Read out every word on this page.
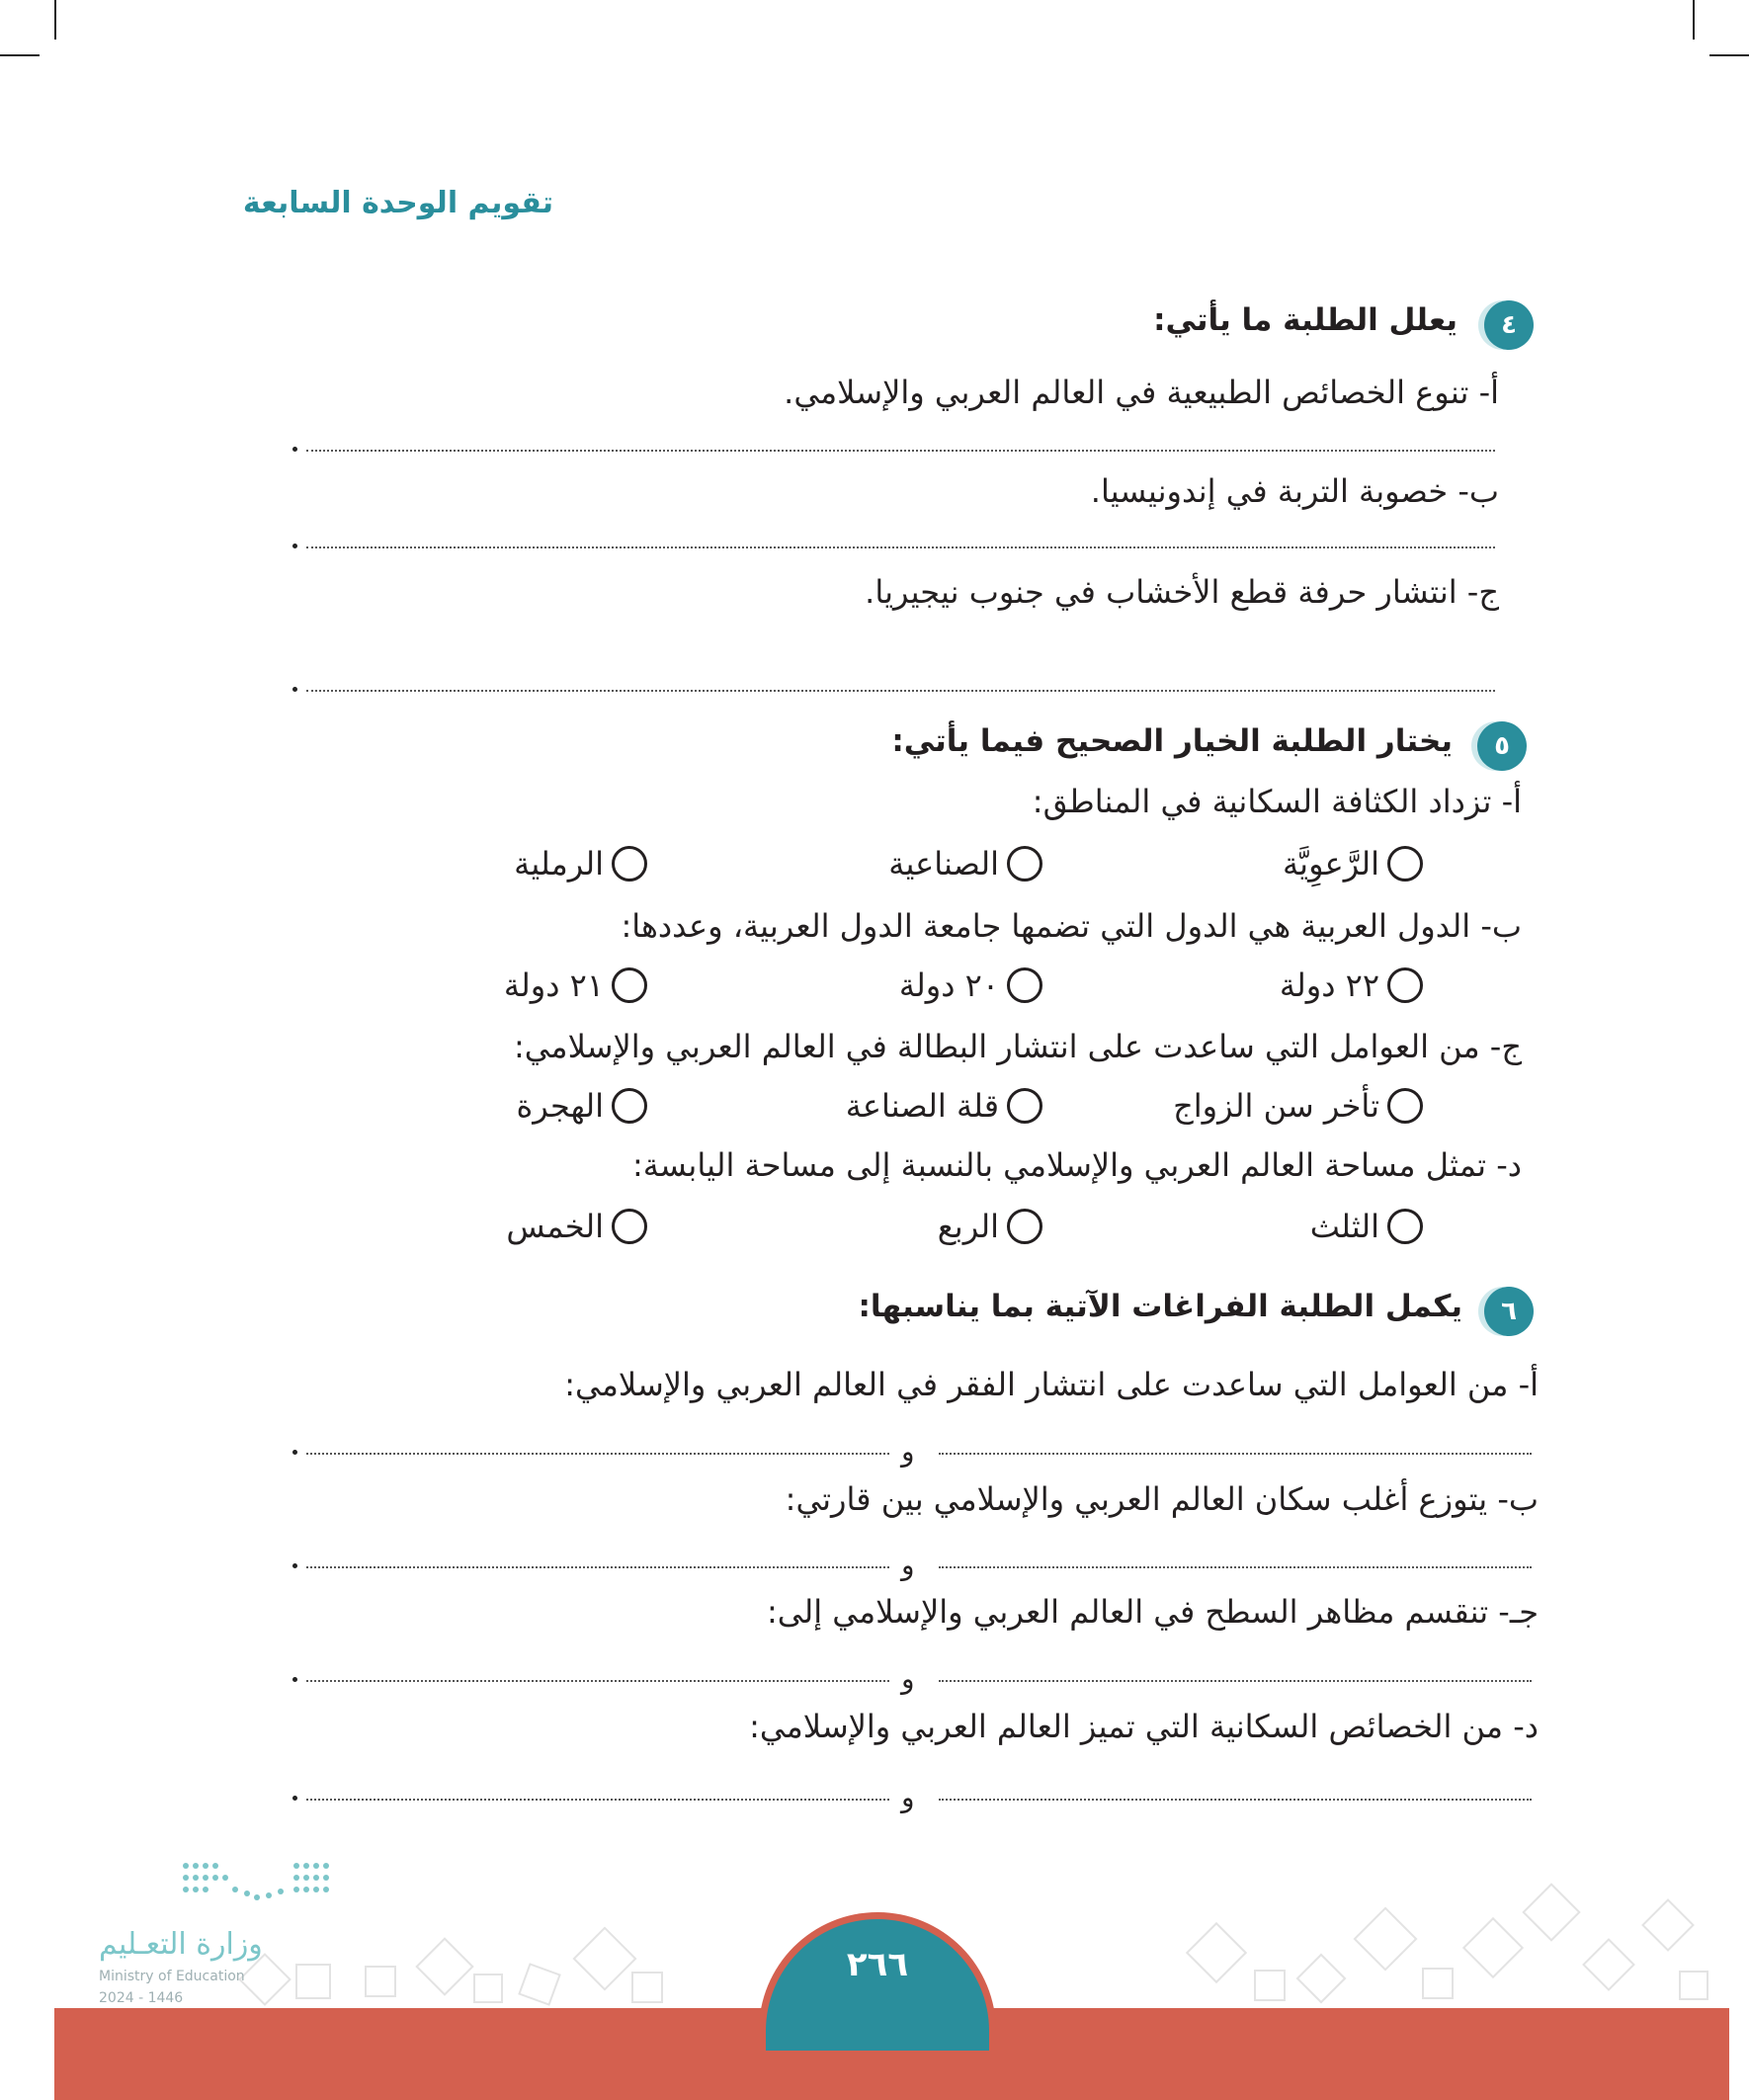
تقويم الوحدة السابعة
٤
يعلل الطلبة ما يأتي:
أ- تنوع الخصائص الطبيعية في العالم العربي والإسلامي.
ب- خصوبة التربة في إندونيسيا.
ج- انتشار حرفة قطع الأخشاب في جنوب نيجيريا.
٥
يختار الطلبة الخيار الصحيح فيما يأتي:
أ- تزداد الكثافة السكانية في المناطق:
الرَّعوِيَّة
الصناعية
الرملية
ب- الدول العربية هي الدول التي تضمها جامعة الدول العربية، وعددها:
٢٢ دولة
٢٠ دولة
٢١ دولة
ج- من العوامل التي ساعدت على انتشار البطالة في العالم العربي والإسلامي:
تأخر سن الزواج
قلة الصناعة
الهجرة
د- تمثل مساحة العالم العربي والإسلامي بالنسبة إلى مساحة اليابسة:
الثلث
الربع
الخمس
٦
يكمل الطلبة الفراغات الآتية بما يناسبها:
أ- من العوامل التي ساعدت على انتشار الفقر في العالم العربي والإسلامي:
و
ب- يتوزع أغلب سكان العالم العربي والإسلامي بين قارتي:
و
جـ- تنقسم مظاهر السطح في العالم العربي والإسلامي إلى:
و
د- من الخصائص السكانية التي تميز العالم العربي والإسلامي:
و
وزارة التعـليم
Ministry of Education
2024 - 1446
٢٦٦
